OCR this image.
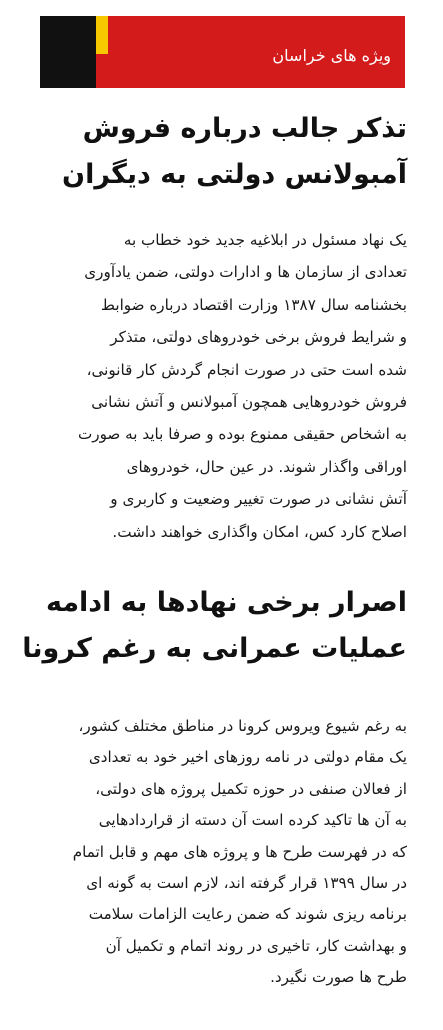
ویژه های خراسان
تذکر جالب درباره فروش
آمبولانس دولتی به دیگران
یک نهاد مسئول در ابلاغیه جدید خود خطاب به
تعدادی از سازمان ها و ادارات دولتی، ضمن یادآوری
بخشنامه سال ۱۳۸۷ وزارت اقتصاد درباره ضوابط
و شرایط فروش برخی خودروهای دولتی، متذکر
شده است حتی در صورت انجام گردش کار قانونی،
فروش خودروهایی همچون آمبولانس و آتش نشانی
به اشخاص حقیقی ممنوع بوده و صرفا باید به صورت
اوراقی واگذار شوند. در عین حال، خودروهای
آتش نشانی در صورت تغییر وضعیت و کاربری و
اصلاح کارد کس، امکان واگذاری خواهند داشت.
اصرار برخی نهادها به ادامه
عملیات عمرانی به رغم کرونا
به رغم شیوع ویروس کرونا در مناطق مختلف کشور،
یک مقام دولتی در نامه روزهای اخیر خود به تعدادی
از فعالان صنفی در حوزه تکمیل پروژه های دولتی،
به آن ها تاکید کرده است آن دسته از قراردادهایی
که در فهرست طرح ها و پروژه های مهم و قابل اتمام
در سال ۱۳۹۹ قرار گرفته اند، لازم است به گونه ای
برنامه ریزی شوند که ضمن رعایت الزامات سلامت
و بهداشت کار، تاخیری در روند اتمام و تکمیل آن
طرح ها صورت نگیرد.
